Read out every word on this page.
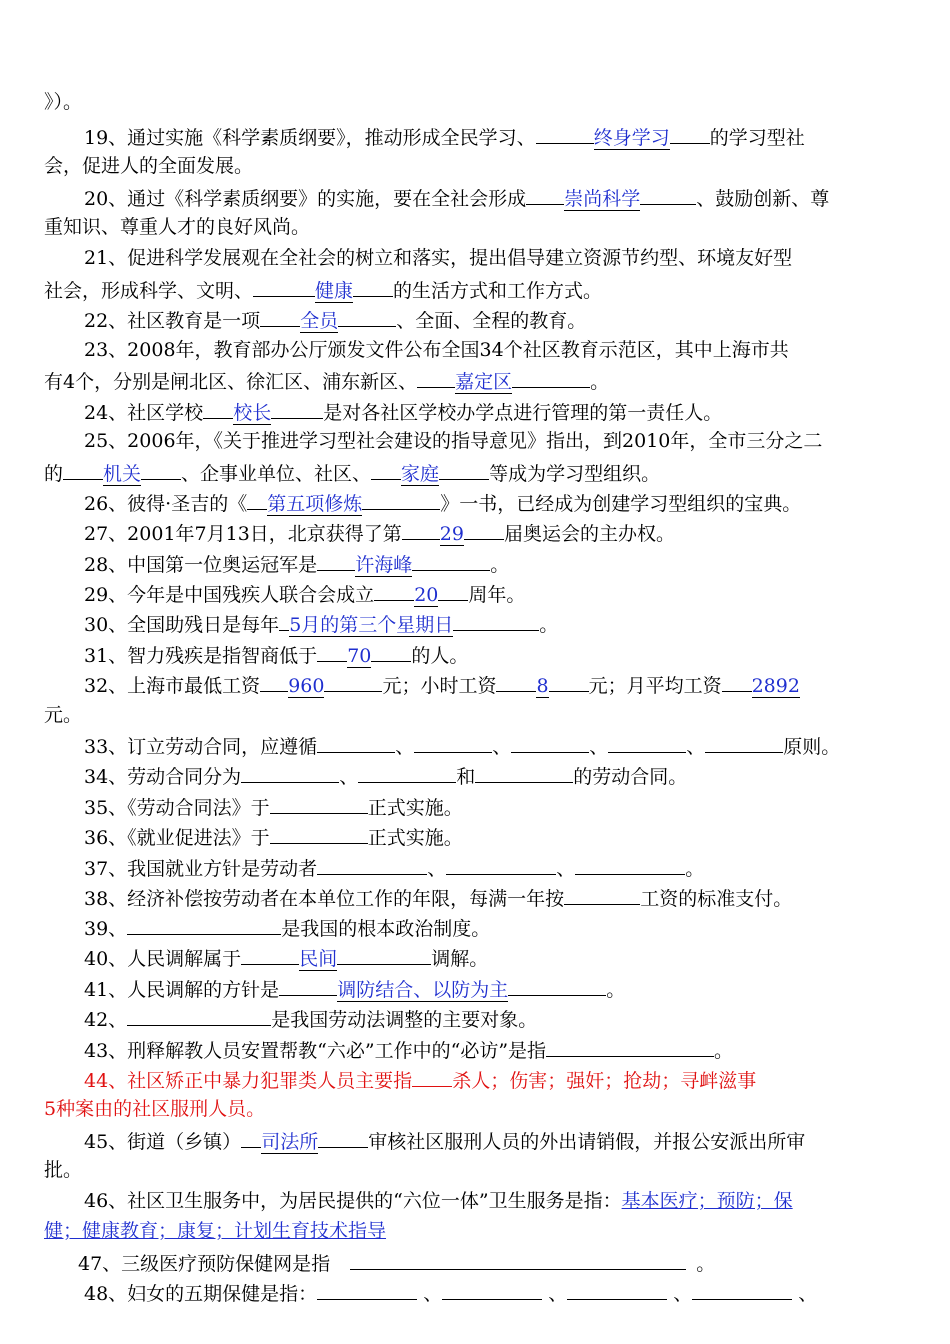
》）。
19、通过实施《科学素质纲要》，推动形成全民学习、	终身学习 的学习型社
会，促进人的全面发展。
20、通过《科学素质纲要》的实施，要在全社会形成 崇尚科学	、鼓励创新、尊
重知识、尊重人才的良好风尚。
21、促进科学发展观在全社会的树立和落实，提出倡导建立资源节约型、环境友好型
社会，形成科学、文明、	健康 的生活方式和工作方式。
22、社区教育是一项 全员	、全面、全程的教育。
23、2008年，教育部办公厅颁发文件公布全国34个社区教育示范区，其中上海市共
有4个，分别是闸北区、徐汇区、浦东新区、 嘉定区	。
24、社区学校 校长	是对各社区学校办学点进行管理的第一责任人。
25、2006年，《关于推进学习型社会建设的指导意见》指出，到2010年，全市三分之二
的 机关 、企事业单位、社区、 家庭	等成为学习型组织。
26、彼得·圣吉的《 第五项修炼	》一书，已经成为创建学习型组织的宝典。
27、2001年7月13日，北京获得了第 29 届奥运会的主办权。
28、中国第一位奥运冠军是 许海峰	。
29、今年是中国残疾人联合会成立 20 周年。
30、全国助残日是每年 5月的第三个星期日	。
31、智力残疾是指智商低于 70 的人。
32、上海市最低工资 960	元；小时工资 8 元；月平均工资 2892
元。
33、订立劳动合同，应遵循	、	、	、	、	原则。
34、劳动合同分为	、	和	的劳动合同。
35、《劳动合同法》于	正式实施。
36、《就业促进法》于	正式实施。
37、我国就业方针是劳动者	、	、	。
38、经济补偿按劳动者在本单位工作的年限，每满一年按	工资的标准支付。
39、	是我国的根本政治制度。
40、人民调解属于	民间	调解。
41、人民调解的方针是	调防结合、以防为主	。
42、	是我国劳动法调整的主要对象。
43、刑释解教人员安置帮教“六必”工作中的“必访”是指	。
44、社区矫正中暴力犯罪类人员主要指 杀人；伤害；强奸；抢劫；寻衅滋事
5种案由的社区服刑人员。
45、街道（乡镇） 司法所	审核社区服刑人员的外出请销假，并报公安派出所审
批。
46、社区卫生服务中，为居民提供的“六位一体”卫生服务是指：基本医疗；预防；保
健；健康教育；康复；计划生育技术指导
47、三级医疗预防保健网是指	。
48、妇女的五期保健是指：	、	、	、	、
